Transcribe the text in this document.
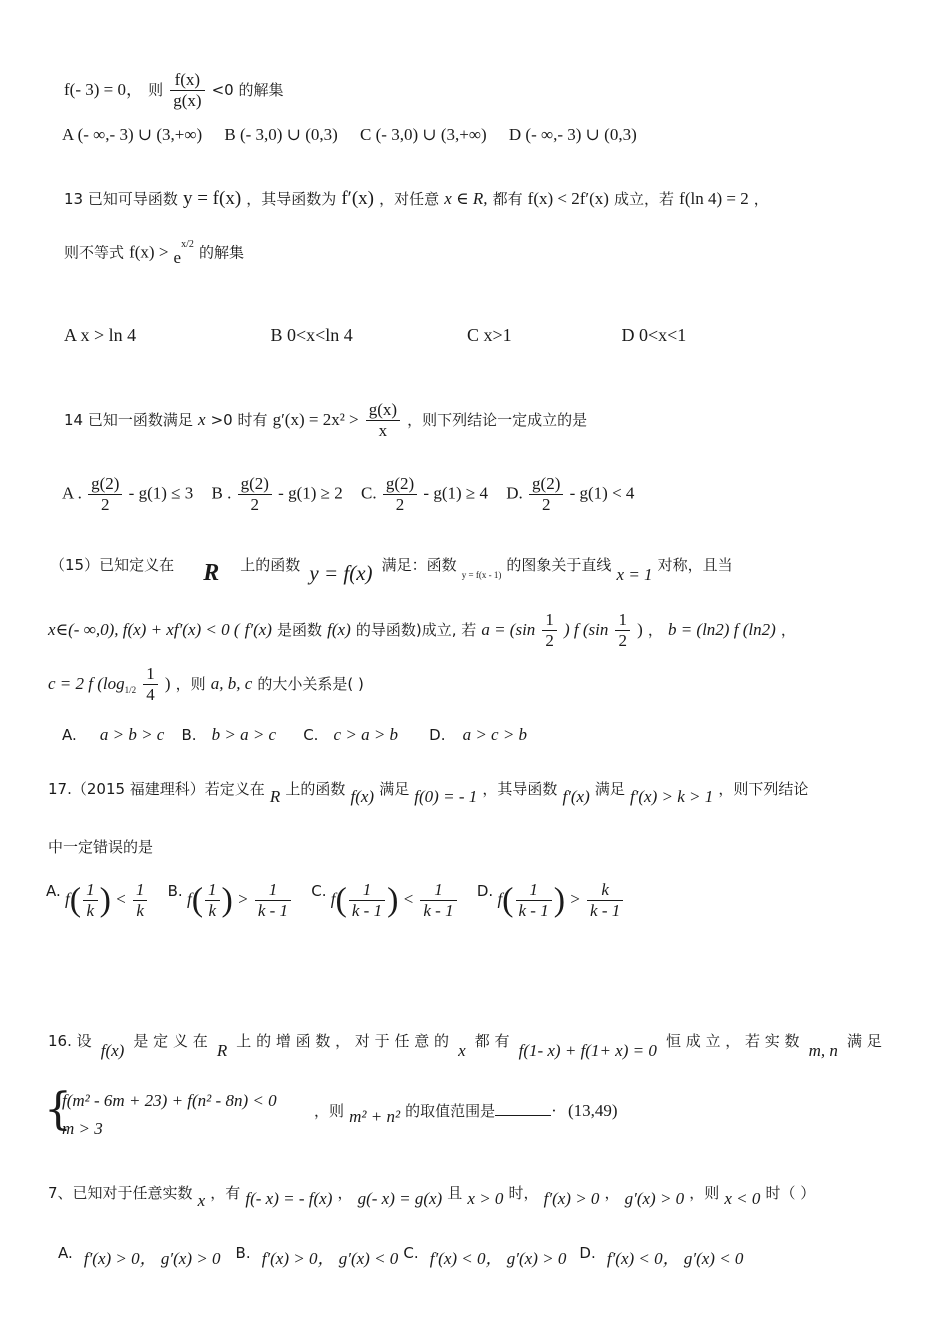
f(- 3) = 0， 则 $\frac{f(x)}{g(x)} <0$ 的解集
A (- ∞,- 3) ∪ (3,+∞) B (- 3,0) ∪ (0,3) C (- 3,0) ∪ (3,+∞) D (- ∞,- 3) ∪ (0,3)
13 已知可导函数 y = f(x) ，其导函数为 f′(x) ，对任意 x ∈ R, 都有 f(x) < 2f′(x) 成立，若 f(ln 4) = 2 ，
则不等式 $f(x) > e^{x/2}$ 的解集
A x > ln 4	B 0<x<ln 4	C x>1	D 0<x<1
14 已知一函数满足 x >0 时有 $g'(x) = 2x^2 > \frac{g(x)}{x}$ ，则下列结论一定成立的是
A . $\frac{g(2)}{2} - g(1) \le 3$ B . $\frac{g(2)}{2} - g(1) \ge 2$ C. $\frac{g(2)}{2} - g(1) \ge 4$ D. $\frac{g(2)}{2} - g(1) < 4$
（15）已知定义在 R 上的函数 y = f(x) 满足：函数 $_{y = f(x - 1)}$ 的图象关于直线 x = 1 对称，且当
x∈(- ∞,0), f(x) + xf′(x) < 0 ( f′(x) 是函数 f(x) 的导函数)成立, 若 $a = (\sin \frac{1}{2}$ ) f ($\sin \frac{1}{2}$ ) ， b = (ln2) f (ln2) ，
c = 2 f ($\log_{1/2} \frac{1}{4}$ ) ，则 a, b, c 的大小关系是( )
A. a > b > c B. b > a > c C. c > a > b D. a > c > b
17.（2015 福建理科）若定义在 R 上的函数 f(x) 满足 f(0) = - 1 ，其导函数 f′(x) 满足 f′(x) > k > 1 ，则下列结论
中一定错误的是
A. $f( \frac{1}{k}$ ) < $\frac{1}{k} B$. $f( \frac{1}{k}$ ) > $\frac{1}{k - 1} C$. $f( \frac{1}{k - 1}$ ) < $\frac{1}{k - 1} D$. $f( \frac{1}{k - 1}$ ) > $\frac{k}{k - 1}$
16. 设 f(x) 是 定 义 在 R 上 的 增 函 数 ， 对 于 任 意 的 x 都 有 f(1- x) + f(1+ x) = 0 恒 成 立 ， 若 实 数 m, n 满 足
{
f(m² - 6m + 23) + f(n² - 8n) < 0
m > 3
，则 m² + n² 的取值范围是	· (13,49)
7、已知对于任意实数 x ，有 f(- x) = - f(x) ， g(- x) = g(x) 且 x > 0 时， f′(x) > 0 ， g′(x) > 0 ，则 x < 0 时（ ）
A. f′(x) > 0， g′(x) > 0 B. f′(x) > 0， g′(x) < 0 C. f′(x) < 0， g′(x) > 0 D. f′(x) < 0， g′(x) < 0
